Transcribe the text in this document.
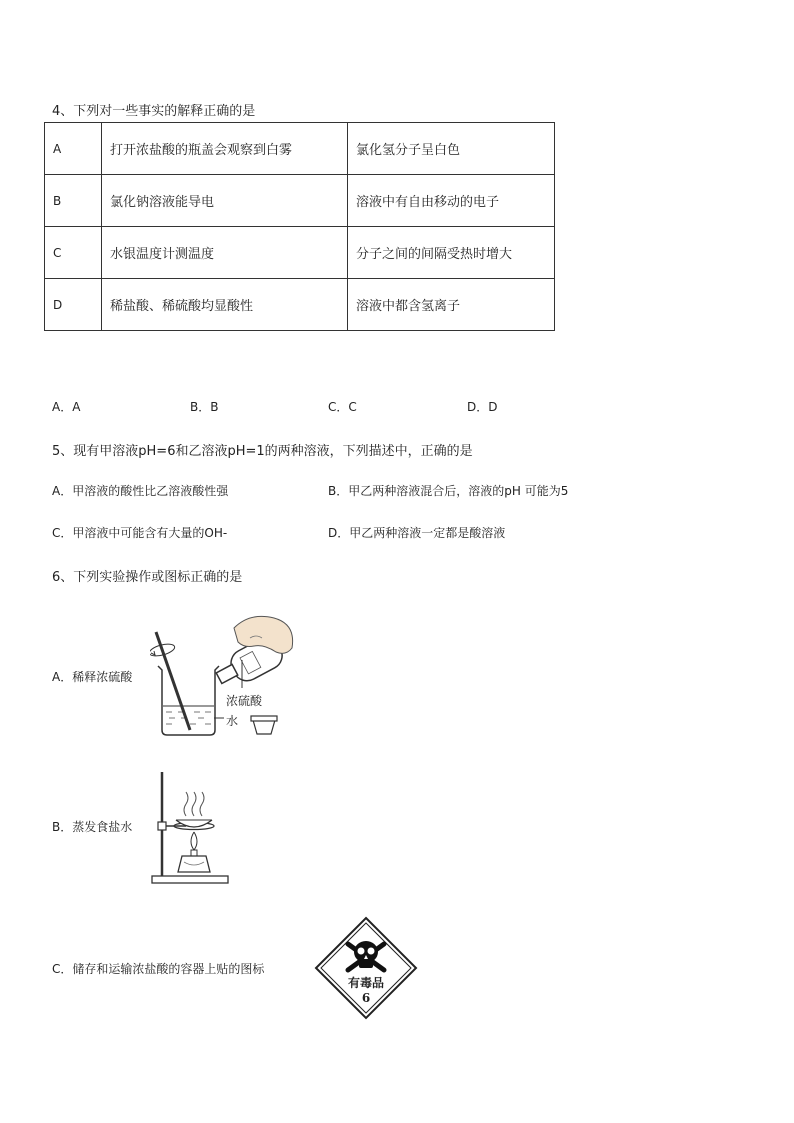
4、下列对一些事实的解释正确的是
A	打开浓盐酸的瓶盖会观察到白雾	氯化氢分子呈白色
B	氯化钠溶液能导电	溶液中有自由移动的电子
C	水银温度计测温度	分子之间的间隔受热时增大
D	稀盐酸、稀硫酸均显酸性	溶液中都含氢离子
A．A	B．B	C．C	D．D
5、现有甲溶液pH=6和乙溶液pH=1的两种溶液，下列描述中，正确的是
A．甲溶液的酸性比乙溶液酸性强	B．甲乙两种溶液混合后，溶液的pH 可能为5
C．甲溶液中可能含有大量的OH-	D．甲乙两种溶液一定都是酸溶液
6、下列实验操作或图标正确的是
A．稀释浓硫酸
浓硫酸
水
B．蒸发食盐水
C．储存和运输浓盐酸的容器上贴的图标
有毒品
6
